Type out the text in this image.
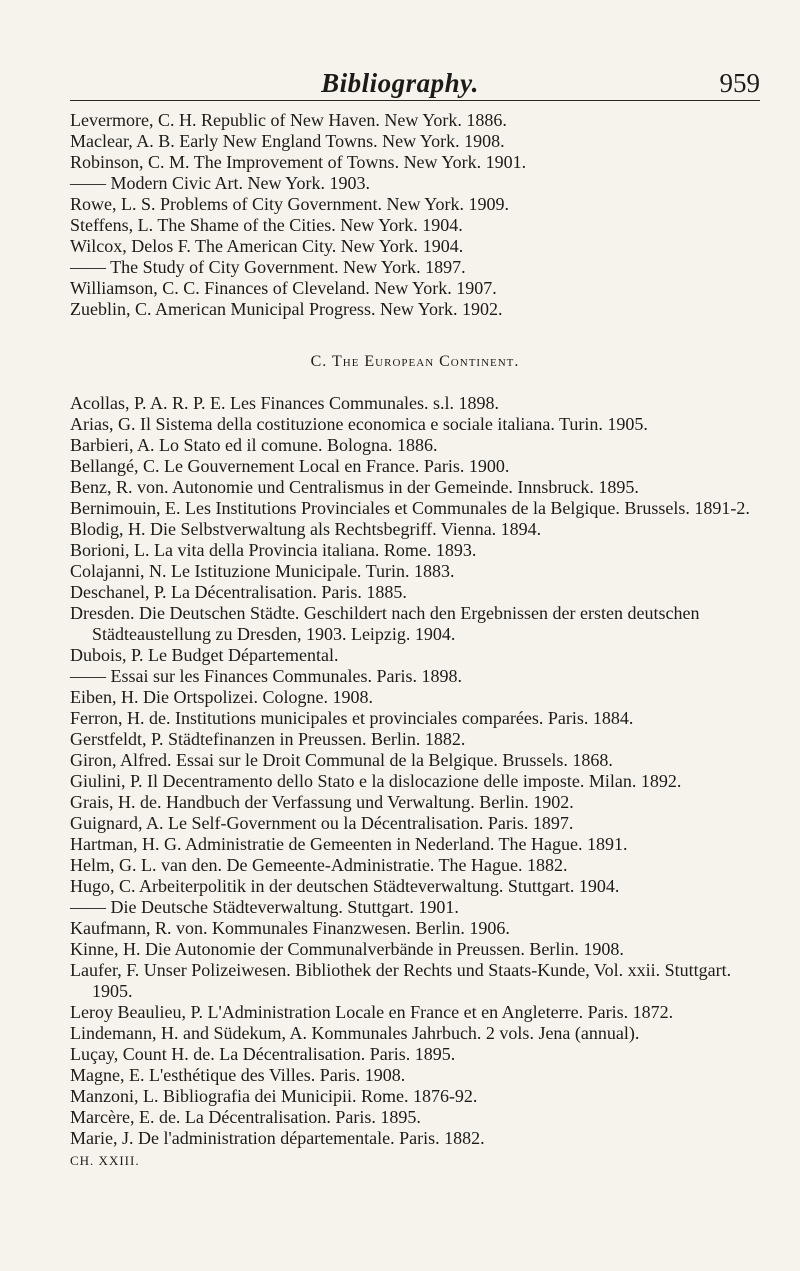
Bibliography.	959
Levermore, C. H. Republic of New Haven. New York. 1886.
Maclear, A. B. Early New England Towns. New York. 1908.
Robinson, C. M. The Improvement of Towns. New York. 1901.
—— Modern Civic Art. New York. 1903.
Rowe, L. S. Problems of City Government. New York. 1909.
Steffens, L. The Shame of the Cities. New York. 1904.
Wilcox, Delos F. The American City. New York. 1904.
—— The Study of City Government. New York. 1897.
Williamson, C. C. Finances of Cleveland. New York. 1907.
Zueblin, C. American Municipal Progress. New York. 1902.
C. The European Continent.
Acollas, P. A. R. P. E. Les Finances Communales. s.l. 1898.
Arias, G. Il Sistema della costituzione economica e sociale italiana. Turin. 1905.
Barbieri, A. Lo Stato ed il comune. Bologna. 1886.
Bellangé, C. Le Gouvernement Local en France. Paris. 1900.
Benz, R. von. Autonomie und Centralismus in der Gemeinde. Innsbruck. 1895.
Bernimouin, E. Les Institutions Provinciales et Communales de la Belgique. Brussels. 1891-2.
Blodig, H. Die Selbstverwaltung als Rechtsbegriff. Vienna. 1894.
Borioni, L. La vita della Provincia italiana. Rome. 1893.
Colajanni, N. Le Istituzione Municipale. Turin. 1883.
Deschanel, P. La Décentralisation. Paris. 1885.
Dresden. Die Deutschen Städte. Geschildert nach den Ergebnissen der ersten deutschen Städteaustellung zu Dresden, 1903. Leipzig. 1904.
Dubois, P. Le Budget Départemental.
—— Essai sur les Finances Communales. Paris. 1898.
Eiben, H. Die Ortspolizei. Cologne. 1908.
Ferron, H. de. Institutions municipales et provinciales comparées. Paris. 1884.
Gerstfeldt, P. Städtefinanzen in Preussen. Berlin. 1882.
Giron, Alfred. Essai sur le Droit Communal de la Belgique. Brussels. 1868.
Giulini, P. Il Decentramento dello Stato e la dislocazione delle imposte. Milan. 1892.
Grais, H. de. Handbuch der Verfassung und Verwaltung. Berlin. 1902.
Guignard, A. Le Self-Government ou la Décentralisation. Paris. 1897.
Hartman, H. G. Administratie de Gemeenten in Nederland. The Hague. 1891.
Helm, G. L. van den. De Gemeente-Administratie. The Hague. 1882.
Hugo, C. Arbeiterpolitik in der deutschen Städteverwaltung. Stuttgart. 1904.
—— Die Deutsche Städteverwaltung. Stuttgart. 1901.
Kaufmann, R. von. Kommunales Finanzwesen. Berlin. 1906.
Kinne, H. Die Autonomie der Communalverbände in Preussen. Berlin. 1908.
Laufer, F. Unser Polizeiwesen. Bibliothek der Rechts und Staats-Kunde, Vol. xxii. Stuttgart. 1905.
Leroy Beaulieu, P. L'Administration Locale en France et en Angleterre. Paris. 1872.
Lindemann, H. and Südekum, A. Kommunales Jahrbuch. 2 vols. Jena (annual).
Luçay, Count H. de. La Décentralisation. Paris. 1895.
Magne, E. L'esthétique des Villes. Paris. 1908.
Manzoni, L. Bibliografia dei Municipii. Rome. 1876-92.
Marcère, E. de. La Décentralisation. Paris. 1895.
Marie, J. De l'administration départementale. Paris. 1882.
CH. XXIII.
